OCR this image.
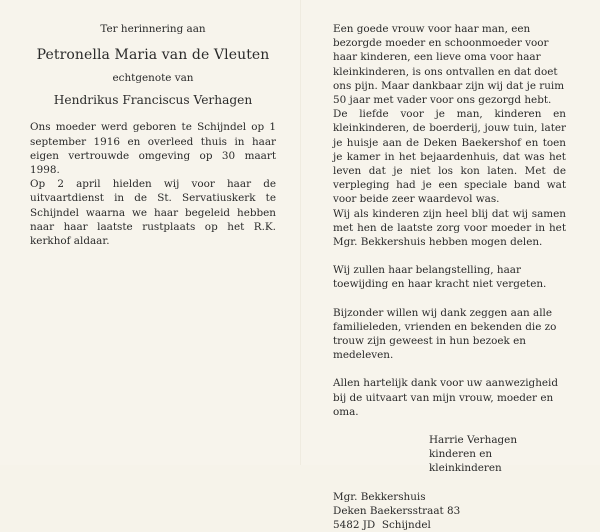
Ter herinnering aan

Petronella Maria van de Vleuten

echtgenote van

Hendrikus Franciscus Verhagen

Ons moeder werd geboren te Schijndel op 1 september 1916 en overleed thuis in haar eigen vertrouwde omgeving op 30 maart 1998.

Op 2 april hielden wij voor haar de uitvaartdienst in de St. Servatiuskerk te Schijndel waarna we haar begeleid hebben naar haar laatste rustplaats op het R.K. kerkhof aldaar.

Een goede vrouw voor haar man, een bezorgde moeder en schoonmoeder voor haar kinderen, een lieve oma voor haar kleinkinderen, is ons ontvallen en dat doet ons pijn. Maar dankbaar zijn wij dat je ruim 50 jaar met vader voor ons gezorgd hebt.

De liefde voor je man, kinderen en kleinkinderen, de boerderij, jouw tuin, later je huisje aan de Deken Baekershof en toen je kamer in het bejaardenhuis, dat was het leven dat je niet los kon laten. Met de verpleging had je een speciale band wat voor beide zeer waardevol was.

Wij als kinderen zijn heel blij dat wij samen met hen de laatste zorg voor moeder in het Mgr. Bekkershuis hebben mogen delen.

Wij zullen haar belangstelling, haar toewijding en haar kracht niet vergeten.

Bijzonder willen wij dank zeggen aan alle familieleden, vrienden en bekenden die zo trouw zijn geweest in hun bezoek en medeleven.

Allen hartelijk dank voor uw aanwezigheid bij de uitvaart van mijn vrouw, moeder en oma.

Harrie Verhagen
kinderen en kleinkinderen
Mgr. Bekkershuis
Deken Baekersstraat 83
5482 JD  Schijndel
